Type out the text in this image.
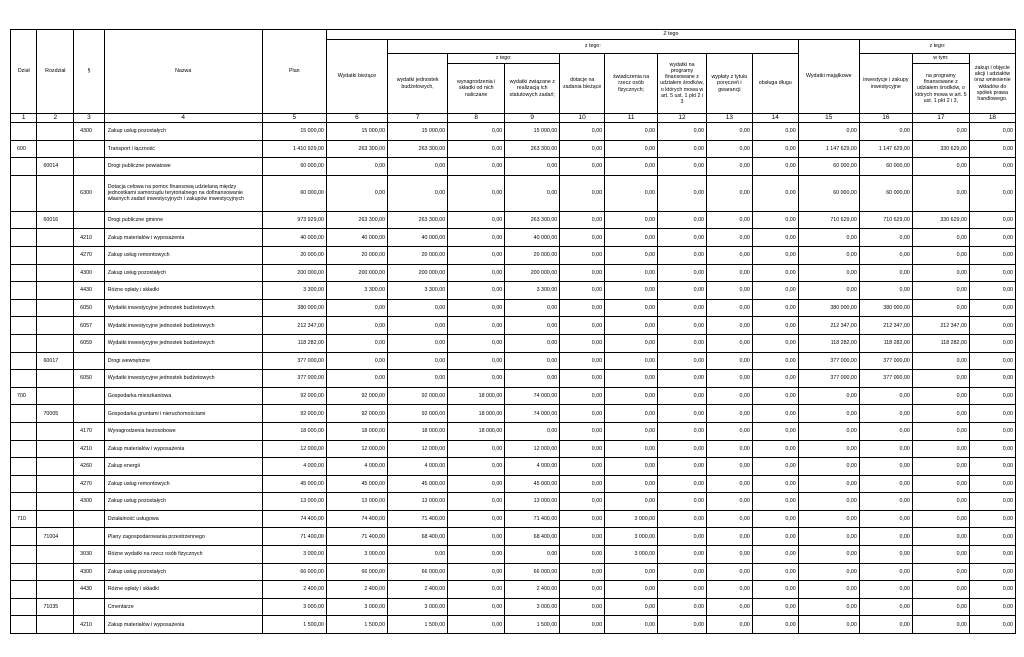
Dział	Rozdział	§	Nazwa	Plan	Z tego												
					Wydatki bieżące	z tego:								Wydatki majątkowe	z tego:		
						wydatki jednostek budżetowych,	z tego:		dotacje na zadania bieżące	świadczenia na rzecz osób fizycznych;	wydatki na programy finansowane z udziałem środków, o których mowa w art. 5 ust. 1 pkt 2 i 3	wypłaty z tytułu poręczeń i gwarancji	obsługa długu		inwestycje i zakupy inwestycyjne	w tym:	zakup i objęcie akcji i udziałów oraz wniesienie wkładów do spółek prawa handlowego.
							wynagrodzenia i składki od nich naliczane	wydatki związane z realizacją ich statutowych zadań;								na programy finansowane z udziałem środków, o których mowa w art. 5 ust. 1 pkt 2 i 3,	
1	2	3	4	5	6	7	8	9	10	11	12	13	14	15	16	17	18
		4300	Zakup usług pozostałych	15 000,00	15 000,00	15 000,00	0,00	15 000,00	0,00	0,00	0,00	0,00	0,00	0,00	0,00	0,00	0,00
600			Transport i łączność	1 410 929,00	263 300,00	263 300,00	0,00	263 300,00	0,00	0,00	0,00	0,00	0,00	1 147 629,00	1 147 629,00	330 629,00	0,00
	60014		Drogi publiczne powiatowe	60 000,00	0,00	0,00	0,00	0,00	0,00	0,00	0,00	0,00	0,00	60 000,00	60 000,00	0,00	0,00
		6300	Dotacja celowa na pomoc finansową udzielaną między jednostkami samorządu terytorialnego na dofinansowanie własnych zadań inwestycyjnych i zakupów inwestycyjnych	60 000,00	0,00	0,00	0,00	0,00	0,00	0,00	0,00	0,00	0,00	60 000,00	60 000,00	0,00	0,00
	60016		Drogi publiczne gminne	973 929,00	263 300,00	263 300,00	0,00	263 300,00	0,00	0,00	0,00	0,00	0,00	710 629,00	710 629,00	330 629,00	0,00
		4210	Zakup materiałów i wyposażenia	40 000,00	40 000,00	40 000,00	0,00	40 000,00	0,00	0,00	0,00	0,00	0,00	0,00	0,00	0,00	0,00
		4270	Zakup usług remontowych	20 000,00	20 000,00	20 000,00	0,00	20 000,00	0,00	0,00	0,00	0,00	0,00	0,00	0,00	0,00	0,00
		4300	Zakup usług pozostałych	200 000,00	200 000,00	200 000,00	0,00	200 000,00	0,00	0,00	0,00	0,00	0,00	0,00	0,00	0,00	0,00
		4430	Różne opłaty i składki	3 300,00	3 300,00	3 300,00	0,00	3 300,00	0,00	0,00	0,00	0,00	0,00	0,00	0,00	0,00	0,00
		6050	Wydatki inwestycyjne jednostek budżetowych	380 000,00	0,00	0,00	0,00	0,00	0,00	0,00	0,00	0,00	0,00	380 000,00	380 000,00	0,00	0,00
		6057	Wydatki inwestycyjne jednostek budżetowych	212 347,00	0,00	0,00	0,00	0,00	0,00	0,00	0,00	0,00	0,00	212 347,00	212 347,00	212 347,00	0,00
		6059	Wydatki inwestycyjne jednostek budżetowych	118 282,00	0,00	0,00	0,00	0,00	0,00	0,00	0,00	0,00	0,00	118 282,00	118 282,00	118 282,00	0,00
	60017		Drogi wewnętrzne	377 000,00	0,00	0,00	0,00	0,00	0,00	0,00	0,00	0,00	0,00	377 000,00	377 000,00	0,00	0,00
		6050	Wydatki inwestycyjne jednostek budżetowych	377 000,00	0,00	0,00	0,00	0,00	0,00	0,00	0,00	0,00	0,00	377 000,00	377 000,00	0,00	0,00
700			Gospodarka mieszkaniowa	92 000,00	92 000,00	92 000,00	18 000,00	74 000,00	0,00	0,00	0,00	0,00	0,00	0,00	0,00	0,00	0,00
	70005		Gospodarka gruntami i nieruchomościami	92 000,00	92 000,00	92 000,00	18 000,00	74 000,00	0,00	0,00	0,00	0,00	0,00	0,00	0,00	0,00	0,00
		4170	Wynagrodzenia bezosobowe	18 000,00	18 000,00	18 000,00	18 000,00	0,00	0,00	0,00	0,00	0,00	0,00	0,00	0,00	0,00	0,00
		4210	Zakup materiałów i wyposażenia	12 000,00	12 000,00	12 000,00	0,00	12 000,00	0,00	0,00	0,00	0,00	0,00	0,00	0,00	0,00	0,00
		4260	Zakup energii	4 000,00	4 000,00	4 000,00	0,00	4 000,00	0,00	0,00	0,00	0,00	0,00	0,00	0,00	0,00	0,00
		4270	Zakup usług remontowych	45 000,00	45 000,00	45 000,00	0,00	45 000,00	0,00	0,00	0,00	0,00	0,00	0,00	0,00	0,00	0,00
		4300	Zakup usług pozostałych	13 000,00	13 000,00	13 000,00	0,00	13 000,00	0,00	0,00	0,00	0,00	0,00	0,00	0,00	0,00	0,00
710			Działalność usługowa	74 400,00	74 400,00	71 400,00	0,00	71 400,00	0,00	3 000,00	0,00	0,00	0,00	0,00	0,00	0,00	0,00
	71004		Plany zagospodarowania przestrzennego	71 400,00	71 400,00	68 400,00	0,00	68 400,00	0,00	3 000,00	0,00	0,00	0,00	0,00	0,00	0,00	0,00
		3030	Różne wydatki na rzecz osób fizycznych	3 000,00	3 000,00	0,00	0,00	0,00	0,00	3 000,00	0,00	0,00	0,00	0,00	0,00	0,00	0,00
		4300	Zakup usług pozostałych	66 000,00	66 000,00	66 000,00	0,00	66 000,00	0,00	0,00	0,00	0,00	0,00	0,00	0,00	0,00	0,00
		4430	Różne opłaty i składki	2 400,00	2 400,00	2 400,00	0,00	2 400,00	0,00	0,00	0,00	0,00	0,00	0,00	0,00	0,00	0,00
	71035		Cmentarze	3 000,00	3 000,00	3 000,00	0,00	3 000,00	0,00	0,00	0,00	0,00	0,00	0,00	0,00	0,00	0,00
		4210	Zakup materiałów i wyposażenia	1 500,00	1 500,00	1 500,00	0,00	1 500,00	0,00	0,00	0,00	0,00	0,00	0,00	0,00	0,00	0,00
